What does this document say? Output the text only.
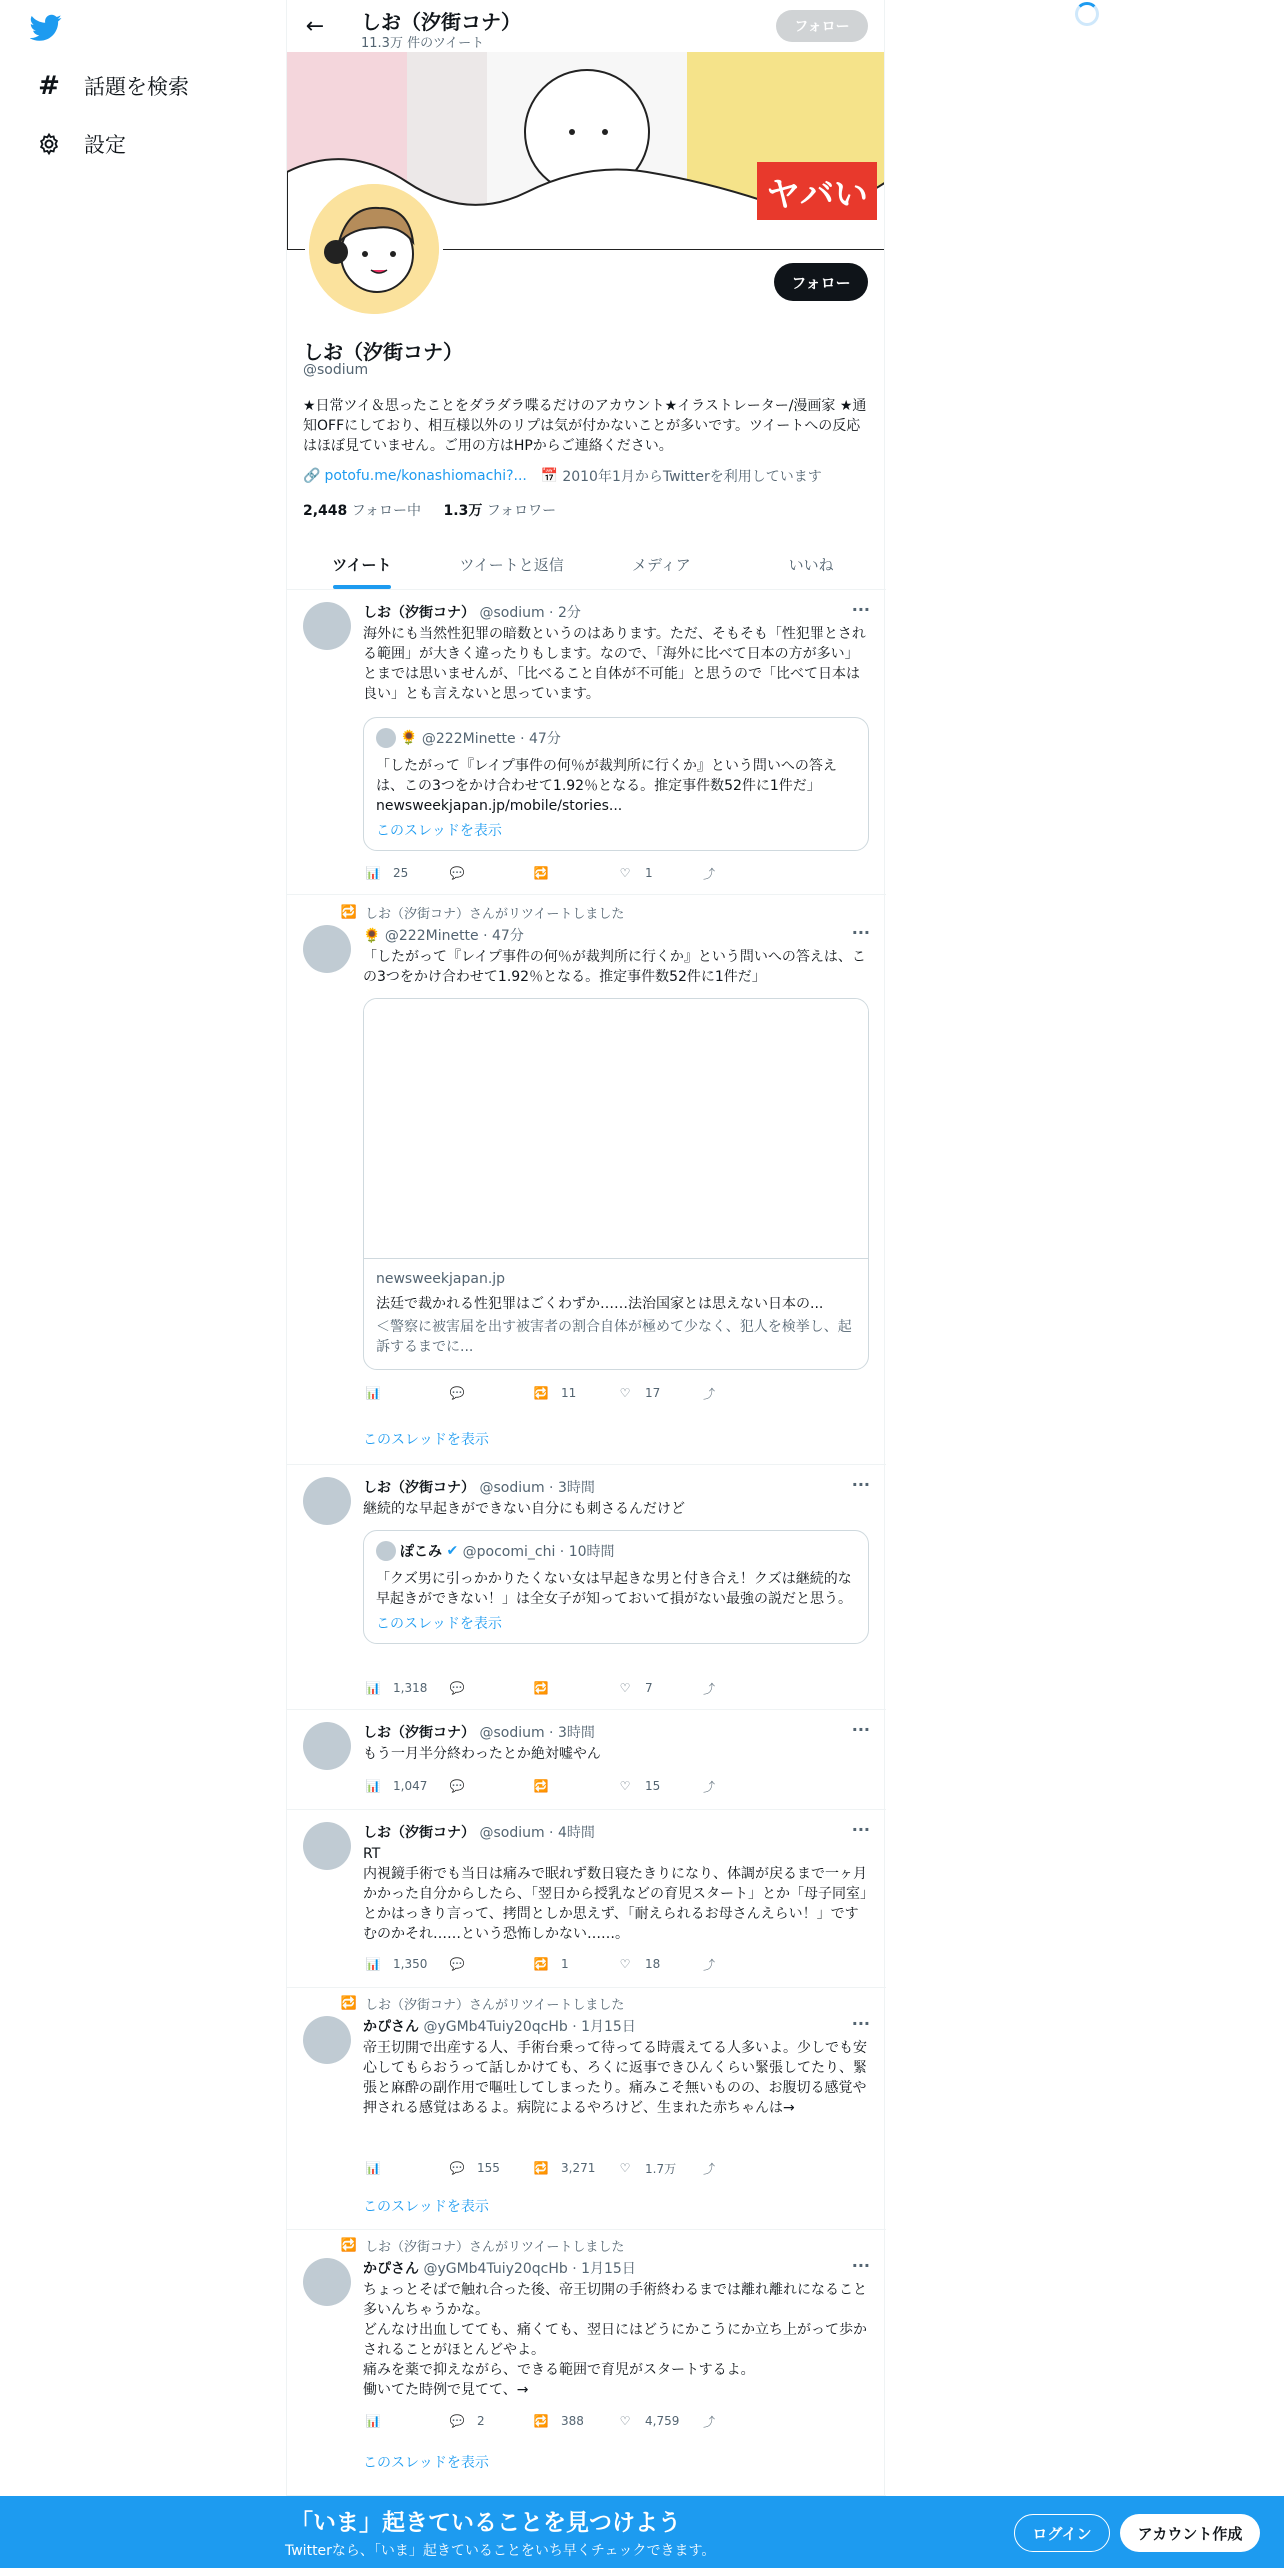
# 話題を検索
設定
← しお（汐街コナ）
11.3万 件のツイート
フォロー
ヤバい
フォロー
しお（汐街コナ）
@sodium
★日常ツイ＆思ったことをダラダラ喋るだけのアカウント★イラストレーター/漫画家 ★通知OFFにしており、相互様以外のリプは気が付かないことが多いです。ツイートへの反応はほぼ見ていません。ご用の方はHPからご連絡ください。
🔗 potofu.me/konashiomachi?... 📅 2010年1月からTwitterを利用しています
2,448 フォロー中 1.3万 フォロワー
ツイート	ツイートと返信	メディア	いいね
しお（汐街コナ） @sodium · 2分	···
海外にも当然性犯罪の暗数というのはあります。ただ、そもそも「性犯罪とされる範囲」が大きく違ったりもします。なので、「海外に比べて日本の方が多い」とまでは思いませんが、「比べること自体が不可能」と思うので「比べて日本は良い」とも言えないと思っています。
🌻
@222Minette · 47分
「したがって『レイプ事件の何％が裁判所に行くか』という問いへの答えは、この3つをかけ合わせて1.92％となる。推定事件数52件に1件だ」 newsweekjapan.jp/mobile/stories...
このスレッドを表示
📊 25	💬	🔁	♡	1	⤴
🔁 しお（汐街コナ）さんがリツイートしました
🌻 @222Minette · 47分	···
「したがって『レイプ事件の何％が裁判所に行くか』という問いへの答えは、この3つをかけ合わせて1.92％となる。推定事件数52件に1件だ」
newsweekjapan.jp
法廷で裁かれる性犯罪はごくわずか……法治国家とは思えない日本の...
＜警察に被害届を出す被害者の割合自体が極めて少なく、犯人を検挙し、起訴するまでに...
📊	💬	🔁 11	♡	17	⤴
このスレッドを表示
しお（汐街コナ） @sodium · 3時間	···
継続的な早起きができない自分にも刺さるんだけど
ぽこみ
✔
@pocomi_chi · 10時間
「クズ男に引っかかりたくない女は早起きな男と付き合え！クズは継続的な早起きができない！」は全女子が知っておいて損がない最強の説だと思う。
このスレッドを表示
📊 1,318 💬	🔁	♡	7	⤴
しお（汐街コナ） @sodium · 3時間	···
もう一月半分終わったとか絶対嘘やん
📊 1,047 💬	🔁	♡	15	⤴
しお（汐街コナ） @sodium · 4時間	···
RT
内視鏡手術でも当日は痛みで眠れず数日寝たきりになり、体調が戻るまで一ヶ月かかった自分からしたら、「翌日から授乳などの育児スタート」とか「母子同室」とかはっきり言って、拷問としか思えず、「耐えられるお母さんえらい！」ですむのかそれ……という恐怖しかない……。
📊 1,350 💬	🔁 1	♡	18	⤴
🔁 しお（汐街コナ）さんがリツイートしました
かぴさん @yGMb4Tuiy20qcHb · 1月15日	···
帝王切開で出産する人、手術台乗って待ってる時震えてる人多いよ。少しでも安心してもらおうって話しかけても、ろくに返事できひんくらい緊張してたり、緊張と麻酔の副作用で嘔吐してしまったり。痛みこそ無いものの、お腹切る感覚や押される感覚はあるよ。病院によるやろけど、生まれた赤ちゃんは→
📊	💬 155	🔁 3,271	♡	1.7万	⤴
このスレッドを表示
🔁 しお（汐街コナ）さんがリツイートしました
かぴさん @yGMb4Tuiy20qcHb · 1月15日	···
ちょっとそばで触れ合った後、帝王切開の手術終わるまでは離れ離れになること多いんちゃうかな。
どんなけ出血してても、痛くても、翌日にはどうにかこうにか立ち上がって歩かされることがほとんどやよ。
痛みを薬で抑えながら、できる範囲で育児がスタートするよ。
働いてた時例で見てて、→
📊	💬 2	🔁 388	♡	4,759	⤴
このスレッドを表示
「いま」起きていることを見つけよう
Twitterなら、「いま」起きていることをいち早くチェックできます。
ログイン	アカウント作成
